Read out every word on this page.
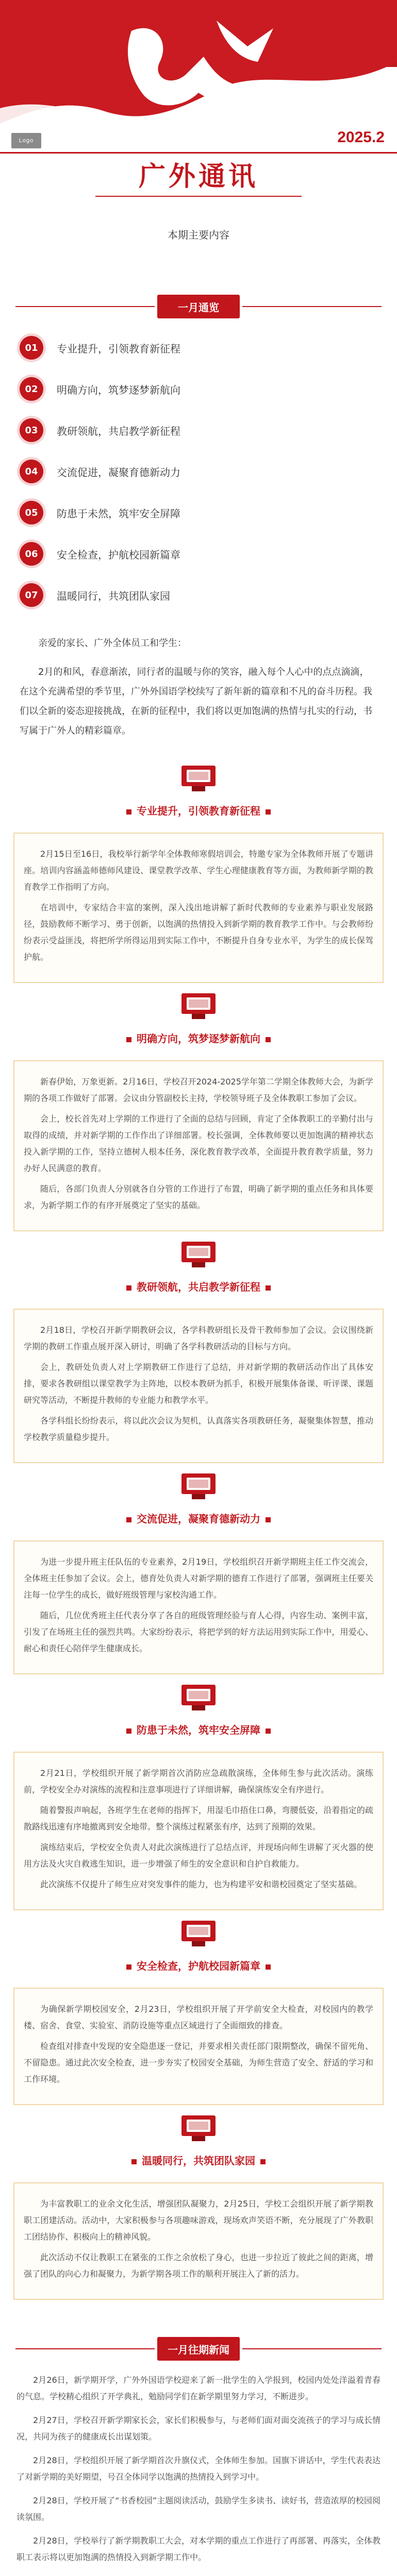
Logo	2025.2
广外通讯
本期主要内容
一月通览
01	专业提升，引领教育新征程
02	明确方向，筑梦逐梦新航向
03	教研领航，共启教学新征程
04	交流促进，凝聚育德新动力
05	防患于未然，筑牢安全屏障
06	安全检查，护航校园新篇章
07	温暖同行，共筑团队家园

亲爱的家长、广外全体员工和学生：

2月的和风，春意渐浓，同行者的温暖与你的笑容，融入每个人心中的点点滴滴，在这个充满希望的季节里，广外外国语学校续写了新年新的篇章和不凡的奋斗历程。我们以全新的姿态迎接挑战，在新的征程中，我们将以更加饱满的热情与扎实的行动，书写属于广外人的精彩篇章。

专业提升，引领教育新征程

2月15日至16日，我校举行新学年全体教师寒假培训会，特邀专家为全体教师开展了专题讲座。培训内容涵盖师德师风建设、课堂教学改革、学生心理健康教育等方面，为教师新学期的教育教学工作指明了方向。

在培训中，专家结合丰富的案例，深入浅出地讲解了新时代教师的专业素养与职业发展路径，鼓励教师不断学习、勇于创新，以饱满的热情投入到新学期的教育教学工作中。与会教师纷纷表示受益匪浅，将把所学所得运用到实际工作中，不断提升自身专业水平，为学生的成长保驾护航。

明确方向，筑梦逐梦新航向

新春伊始，万象更新。2月16日，学校召开2024-2025学年第二学期全体教师大会，为新学期的各项工作做好了部署。会议由分管副校长主持，学校领导班子及全体教职工参加了会议。

会上，校长首先对上学期的工作进行了全面的总结与回顾，肯定了全体教职工的辛勤付出与取得的成绩，并对新学期的工作作出了详细部署。校长强调，全体教师要以更加饱满的精神状态投入新学期的工作，坚持立德树人根本任务，深化教育教学改革，全面提升教育教学质量，努力办好人民满意的教育。

随后，各部门负责人分别就各自分管的工作进行了布置，明确了新学期的重点任务和具体要求，为新学期工作的有序开展奠定了坚实的基础。

教研领航，共启教学新征程

2月18日，学校召开新学期教研会议，各学科教研组长及骨干教师参加了会议。会议围绕新学期的教研工作重点展开深入研讨，明确了各学科教研活动的目标与方向。

会上，教研处负责人对上学期教研工作进行了总结，并对新学期的教研活动作出了具体安排，要求各教研组以课堂教学为主阵地，以校本教研为抓手，积极开展集体备课、听评课、课题研究等活动，不断提升教师的专业能力和教学水平。

各学科组长纷纷表示，将以此次会议为契机，认真落实各项教研任务，凝聚集体智慧，推动学校教学质量稳步提升。

交流促进，凝聚育德新动力

为进一步提升班主任队伍的专业素养，2月19日，学校组织召开新学期班主任工作交流会，全体班主任参加了会议。会上，德育处负责人对新学期的德育工作进行了部署，强调班主任要关注每一位学生的成长，做好班级管理与家校沟通工作。

随后，几位优秀班主任代表分享了各自的班级管理经验与育人心得，内容生动、案例丰富，引发了在场班主任的强烈共鸣。大家纷纷表示，将把学到的好方法运用到实际工作中，用爱心、耐心和责任心陪伴学生健康成长。

防患于未然，筑牢安全屏障

2月21日，学校组织开展了新学期首次消防应急疏散演练，全体师生参与此次活动。演练前，学校安全办对演练的流程和注意事项进行了详细讲解，确保演练安全有序进行。

随着警报声响起，各班学生在老师的指挥下，用湿毛巾捂住口鼻，弯腰低姿，沿着指定的疏散路线迅速有序地撤离到安全地带。整个演练过程紧张有序，达到了预期的效果。

演练结束后，学校安全负责人对此次演练进行了总结点评，并现场向师生讲解了灭火器的使用方法及火灾自救逃生知识，进一步增强了师生的安全意识和自护自救能力。

此次演练不仅提升了师生应对突发事件的能力，也为构建平安和谐校园奠定了坚实基础。

安全检查，护航校园新篇章

为确保新学期校园安全，2月23日，学校组织开展了开学前安全大检查，对校园内的教学楼、宿舍、食堂、实验室、消防设施等重点区域进行了全面细致的排查。

检查组对排查中发现的安全隐患逐一登记，并要求相关责任部门限期整改，确保不留死角、不留隐患。通过此次安全检查，进一步夯实了校园安全基础，为师生营造了安全、舒适的学习和工作环境。

温暖同行，共筑团队家园

为丰富教职工的业余文化生活，增强团队凝聚力，2月25日，学校工会组织开展了新学期教职工团建活动。活动中，大家积极参与各项趣味游戏，现场欢声笑语不断，充分展现了广外教职工团结协作、积极向上的精神风貌。

此次活动不仅让教职工在紧张的工作之余放松了身心，也进一步拉近了彼此之间的距离，增强了团队的向心力和凝聚力，为新学期各项工作的顺利开展注入了新的活力。

一月往期新闻

2月26日，新学期开学，广外外国语学校迎来了新一批学生的入学报到，校园内处处洋溢着青春的气息。学校精心组织了开学典礼，勉励同学们在新学期里努力学习，不断进步。

2月27日，学校召开新学期家长会，家长们积极参与，与老师们面对面交流孩子的学习与成长情况，共同为孩子的健康成长出谋划策。

2月28日，学校组织开展了新学期首次升旗仪式，全体师生参加。国旗下讲话中，学生代表表达了对新学期的美好期望，号召全体同学以饱满的热情投入到学习中。

2月28日，学校开展了“书香校园”主题阅读活动，鼓励学生多读书、读好书，营造浓厚的校园阅读氛围。

2月28日，学校举行了新学期教职工大会，对本学期的重点工作进行了再部署、再落实，全体教职工表示将以更加饱满的热情投入到新学期工作中。
